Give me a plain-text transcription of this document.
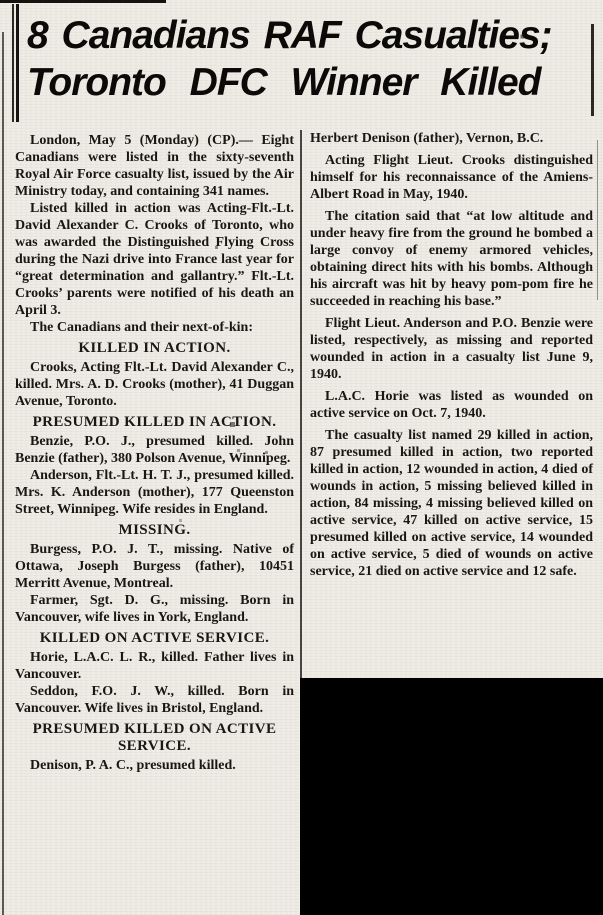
8 Canadians RAF Casualties;
Toronto DFC Winner Killed

London, May 5 (Monday) (CP).— Eight Canadians were listed in the sixty-seventh Royal Air Force casualty list, issued by the Air Ministry today, and containing 341 names.

Listed killed in action was Acting-Flt.-Lt. David Alexander C. Crooks of Toronto, who was awarded the Distinguished Flying Cross during the Nazi drive into France last year for “great determination and gallantry.” Flt.-Lt. Crooks’ parents were notified of his death an April 3.

The Canadians and their next-of-kin:

KILLED IN ACTION.

Crooks, Acting Flt.-Lt. David Alexander C., killed. Mrs. A. D. Crooks (mother), 41 Duggan Avenue, Toronto.

PRESUMED KILLED IN ACTION.

Benzie, P.O. J., presumed killed. John Benzie (father), 380 Polson Avenue, Winnipeg.

Anderson, Flt.-Lt. H. T. J., presumed killed. Mrs. K. Anderson (mother), 177 Queenston Street, Winnipeg. Wife resides in England.

MISSING.

Burgess, P.O. J. T., missing. Native of Ottawa, Joseph Burgess (father), 10451 Merritt Avenue, Montreal.

Farmer, Sgt. D. G., missing. Born in Vancouver, wife lives in York, England.

KILLED ON ACTIVE SERVICE.

Horie, L.A.C. L. R., killed. Father lives in Vancouver.

Seddon, F.O. J. W., killed. Born in Vancouver. Wife lives in Bristol, England.

PRESUMED KILLED ON ACTIVE SERVICE.

Denison, P. A. C., presumed killed.

Herbert Denison (father), Vernon, B.C.

Acting Flight Lieut. Crooks distinguished himself for his reconnaissance of the Amiens-Albert Road in May, 1940.

The citation said that “at low altitude and under heavy fire from the ground he bombed a large convoy of enemy armored vehicles, obtaining direct hits with his bombs. Although his aircraft was hit by heavy pom-pom fire he succeeded in reaching his base.”

Flight Lieut. Anderson and P.O. Benzie were listed, respectively, as missing and reported wounded in action in a casualty list June 9, 1940.

L.A.C. Horie was listed as wounded on active service on Oct. 7, 1940.

The casualty list named 29 killed in action, 87 presumed killed in action, two reported killed in action, 12 wounded in action, 4 died of wounds in action, 5 missing believed killed in action, 84 missing, 4 missing believed killed on active service, 47 killed on active service, 15 presumed killed on active service, 14 wounded on active service, 5 died of wounds on active service, 21 died on active service and 12 safe.
